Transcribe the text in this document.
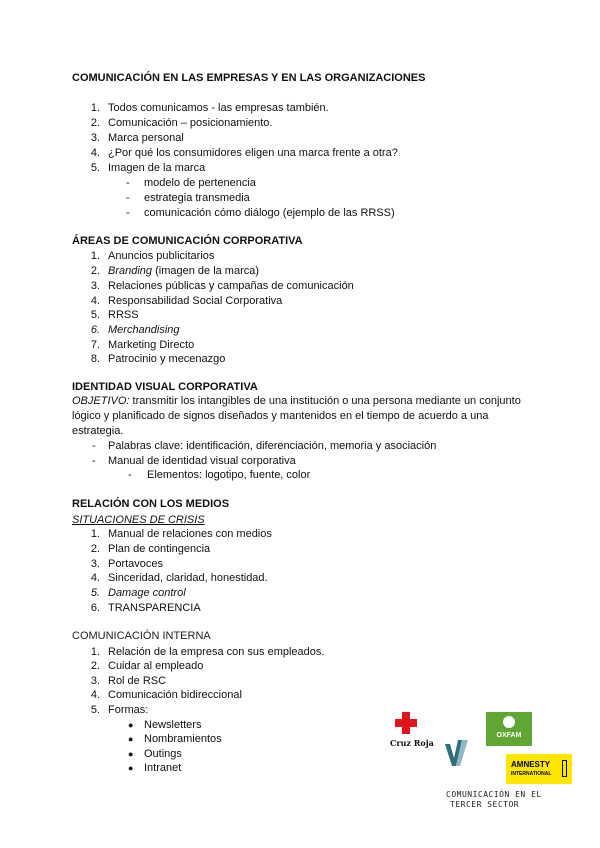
COMUNICACIÓN EN LAS EMPRESAS Y EN LAS ORGANIZACIONES
1. Todos comunicamos - las empresas también.
2. Comunicación – posicionamiento.
3. Marca personal
4. ¿Por qué los consumidores eligen una marca frente a otra?
5. Imagen de la marca
- modelo de pertenencia
- estrategia transmedia
- comunicación cómo diálogo (ejemplo de las RRSS)
ÁREAS DE COMUNICACIÓN CORPORATIVA
1. Anuncios publicitarios
2. Branding (imagen de la marca)
3. Relaciones públicas y campañas de comunicación
4. Responsabilidad Social Corporativa
5. RRSS
6. Merchandising
7. Marketing Directo
8. Patrocinio y mecenazgo
IDENTIDAD VISUAL CORPORATIVA
OBJETIVO: transmitir los intangibles de una institución o una persona mediante un conjunto lógico y planificado de signos diseñados y mantenidos en el tiempo de acuerdo a una estrategia.
- Palabras clave: identificación, diferenciación, memoria y asociación
- Manual de identidad visual corporativa
- Elementos: logotipo, fuente, color
RELACIÓN CON LOS MEDIOS
SITUACIONES DE CRISIS
1. Manual de relaciones con medios
2. Plan de contingencia
3. Portavoces
4. Sinceridad, claridad, honestidad.
5. Damage control
6. TRANSPARENCIA
COMUNICACIÓN INTERNA
1. Relación de la empresa con sus empleados.
2. Cuidar al empleado
3. Rol de RSC
4. Comunicación bidireccional
5. Formas:
● Newsletters
● Nombramientos
● Outings
● Intranet
Cruz Roja
OXFAM
AMNESTY
INTERNATIONAL
COMUNICACIÓN EN EL
TERCER SECTOR
